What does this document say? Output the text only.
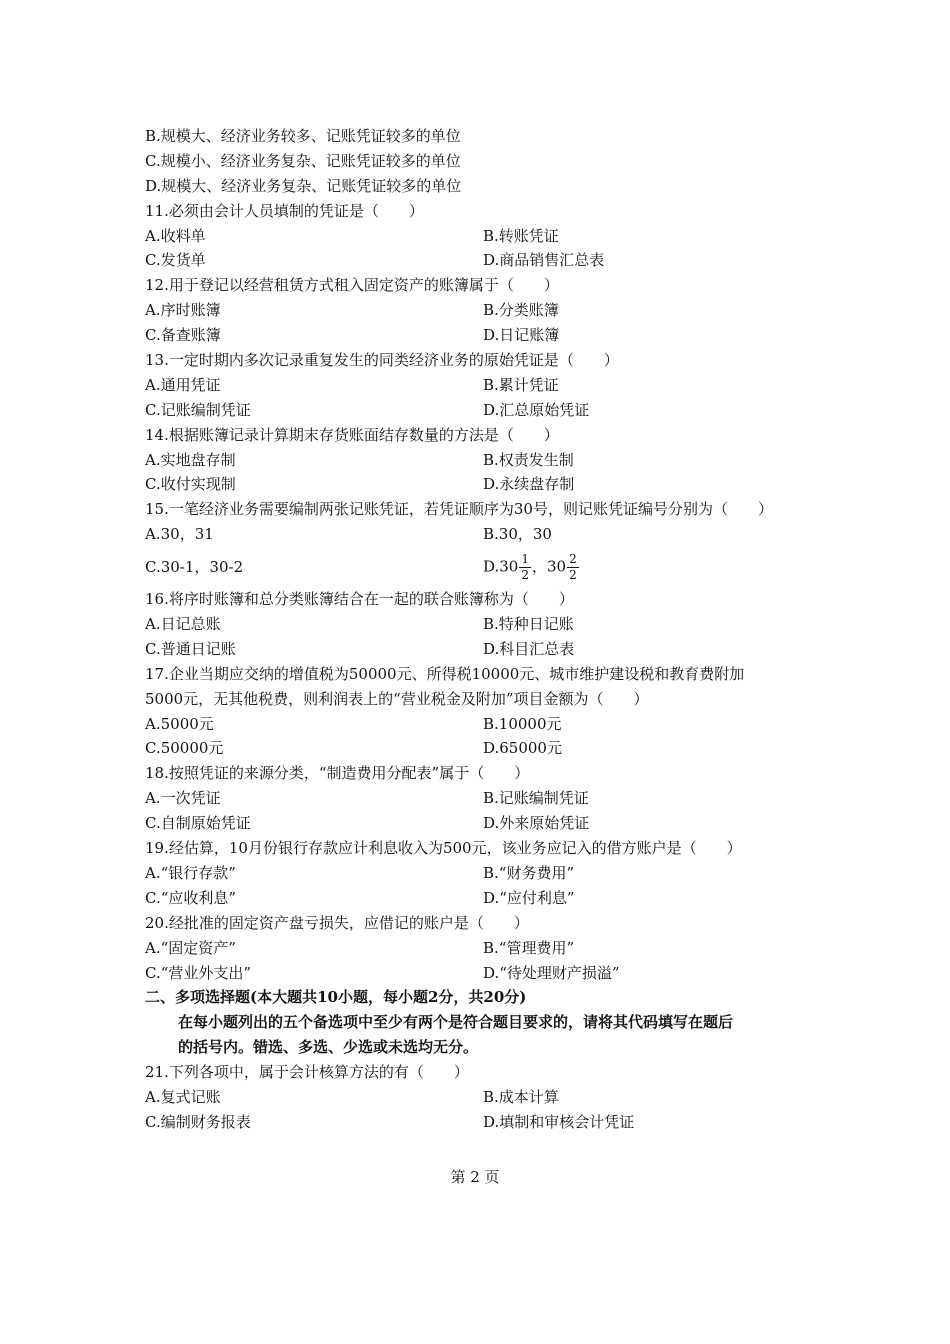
B.规模大、经济业务较多、记账凭证较多的单位
C.规模小、经济业务复杂、记账凭证较多的单位
D.规模大、经济业务复杂、记账凭证较多的单位
11.必须由会计人员填制的凭证是（　　）
A.收料单	B.转账凭证
C.发货单	D.商品销售汇总表
12.用于登记以经营租赁方式租入固定资产的账簿属于（　　）
A.序时账簿	B.分类账簿
C.备查账簿	D.日记账簿
13.一定时期内多次记录重复发生的同类经济业务的原始凭证是（　　）
A.通用凭证	B.累计凭证
C.记账编制凭证	D.汇总原始凭证
14.根据账簿记录计算期末存货账面结存数量的方法是（　　）
A.实地盘存制	B.权责发生制
C.收付实现制	D.永续盘存制
15.一笔经济业务需要编制两张记账凭证，若凭证顺序为30号，则记账凭证编号分别为（　　）
A.30，31	B.30，30
C.30-1，30-2	$D.30 \frac{1}{2}$ ，$30 \frac{2}{2}$
16.将序时账簿和总分类账簿结合在一起的联合账簿称为（　　）
A.日记总账	B.特种日记账
C.普通日记账	D.科目汇总表
17.企业当期应交纳的增值税为50000元、所得税10000元、城市维护建设税和教育费附加
5000元，无其他税费，则利润表上的“营业税金及附加”项目金额为（　　）
A.5000元	B.10000元
C.50000元	D.65000元
18.按照凭证的来源分类，“制造费用分配表”属于（　　）
A.一次凭证	B.记账编制凭证
C.自制原始凭证	D.外来原始凭证
19.经估算，10月份银行存款应计利息收入为500元，该业务应记入的借方账户是（　　）
A.“银行存款”	B.“财务费用”
C.“应收利息”	D.“应付利息”
20.经批准的固定资产盘亏损失，应借记的账户是（　　）
A.“固定资产”	B.“管理费用”
C.“营业外支出”	D.“待处理财产损溢”
二、多项选择题(本大题共10小题，每小题2分，共20分)
在每小题列出的五个备选项中至少有两个是符合题目要求的，请将其代码填写在题后
的括号内。错选、多选、少选或未选均无分。
21.下列各项中，属于会计核算方法的有（　　）
A.复式记账	B.成本计算
C.编制财务报表	D.填制和审核会计凭证
第 2 页
